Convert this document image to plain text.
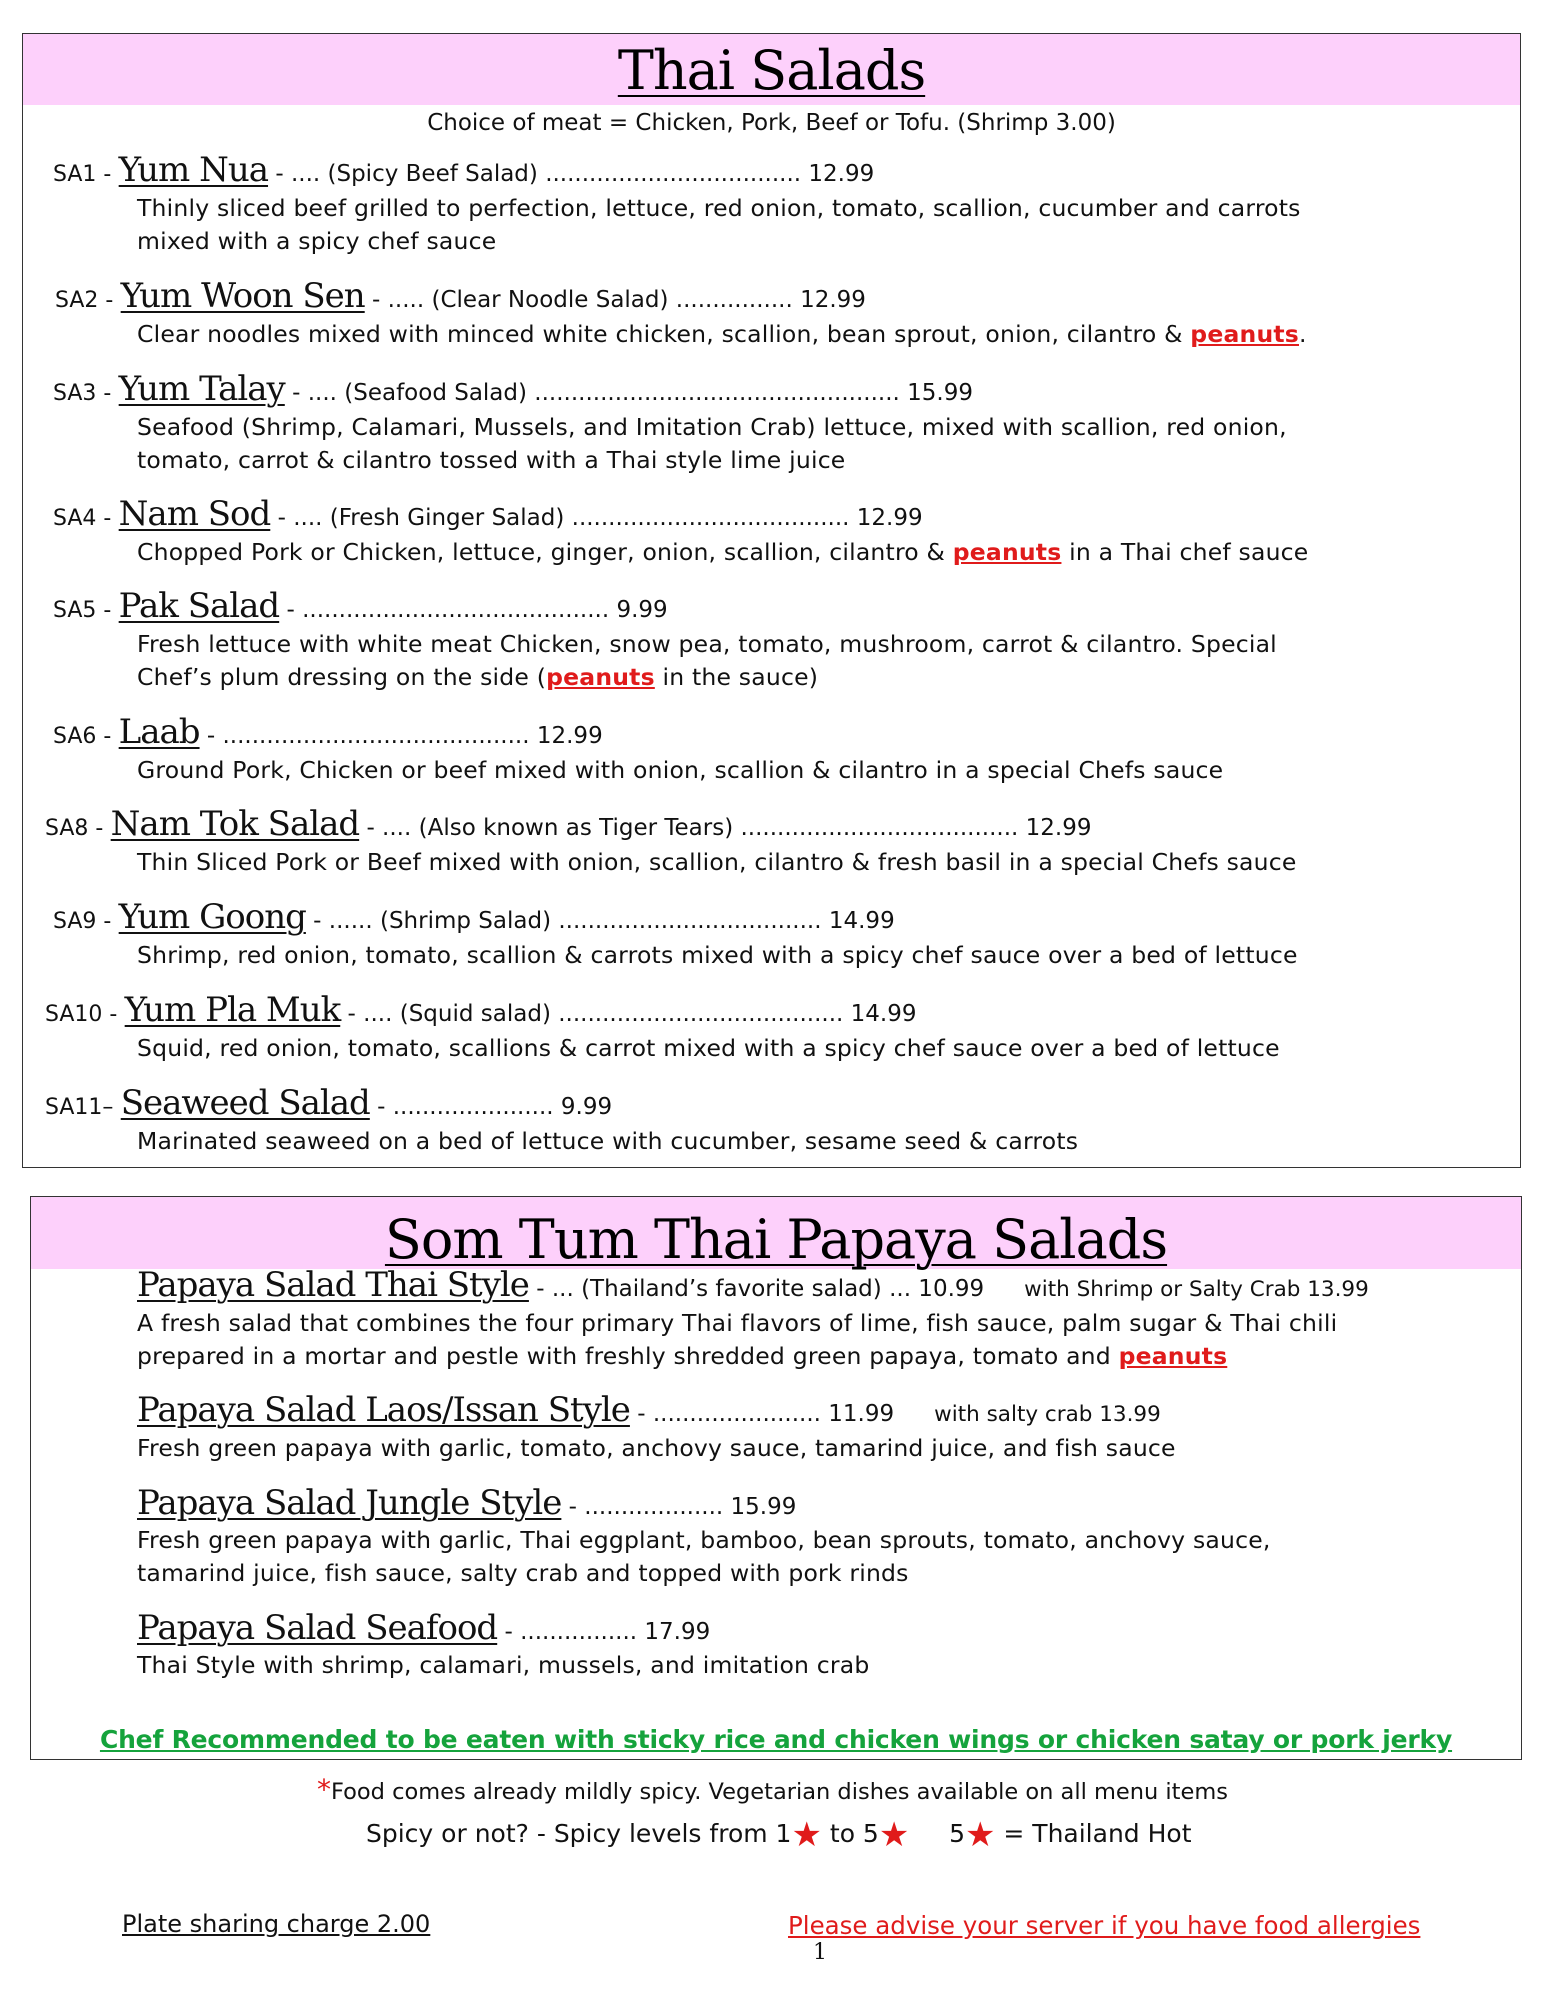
Thai Salads
Choice of meat = Chicken, Pork, Beef or Tofu. (Shrimp 3.00)
SA1 - Yum Nua - .... (Spicy Beef Salad) ................................... 12.99
Thinly sliced beef grilled to perfection, lettuce, red onion, tomato, scallion, cucumber and carrots
mixed with a spicy chef sauce
SA2 - Yum Woon Sen - ..... (Clear Noodle Salad) ................ 12.99
Clear noodles mixed with minced white chicken, scallion, bean sprout, onion, cilantro & peanuts.
SA3 - Yum Talay - .... (Seafood Salad) .................................................. 15.99
Seafood (Shrimp, Calamari, Mussels, and Imitation Crab) lettuce, mixed with scallion, red onion,
tomato, carrot & cilantro tossed with a Thai style lime juice
SA4 - Nam Sod - .... (Fresh Ginger Salad) ...................................... 12.99
Chopped Pork or Chicken, lettuce, ginger, onion, scallion, cilantro & peanuts in a Thai chef sauce
SA5 - Pak Salad - .......................................... 9.99
Fresh lettuce with white meat Chicken, snow pea, tomato, mushroom, carrot & cilantro. Special
Chef’s plum dressing on the side (peanuts in the sauce)
SA6 - Laab - .......................................... 12.99
Ground Pork, Chicken or beef mixed with onion, scallion & cilantro in a special Chefs sauce
SA8 - Nam Tok Salad - .... (Also known as Tiger Tears) ...................................... 12.99
Thin Sliced Pork or Beef mixed with onion, scallion, cilantro & fresh basil in a special Chefs sauce
SA9 - Yum Goong - ...... (Shrimp Salad) .................................... 14.99
Shrimp, red onion, tomato, scallion & carrots mixed with a spicy chef sauce over a bed of lettuce
SA10 - Yum Pla Muk - .... (Squid salad) ....................................... 14.99
Squid, red onion, tomato, scallions & carrot mixed with a spicy chef sauce over a bed of lettuce
SA11– Seaweed Salad - ...................... 9.99
Marinated seaweed on a bed of lettuce with cucumber, sesame seed & carrots
Som Tum Thai Papaya Salads
Papaya Salad Thai Style - ... (Thailand’s favorite salad) ... 10.99 with Shrimp or Salty Crab 13.99
A fresh salad that combines the four primary Thai flavors of lime, fish sauce, palm sugar & Thai chili
prepared in a mortar and pestle with freshly shredded green papaya, tomato and peanuts
Papaya Salad Laos/Issan Style - ....................... 11.99 with salty crab 13.99
Fresh green papaya with garlic, tomato, anchovy sauce, tamarind juice, and fish sauce
Papaya Salad Jungle Style - ................... 15.99
Fresh green papaya with garlic, Thai eggplant, bamboo, bean sprouts, tomato, anchovy sauce,
tamarind juice, fish sauce, salty crab and topped with pork rinds
Papaya Salad Seafood - ................ 17.99
Thai Style with shrimp, calamari, mussels, and imitation crab
Chef Recommended to be eaten with sticky rice and chicken wings or chicken satay or pork jerky
*Food comes already mildly spicy. Vegetarian dishes available on all menu items
Spicy or not? - Spicy levels from 1★ to 5★ 5★ = Thailand Hot
Plate sharing charge 2.00	Please advise your server if you have food allergies
1
